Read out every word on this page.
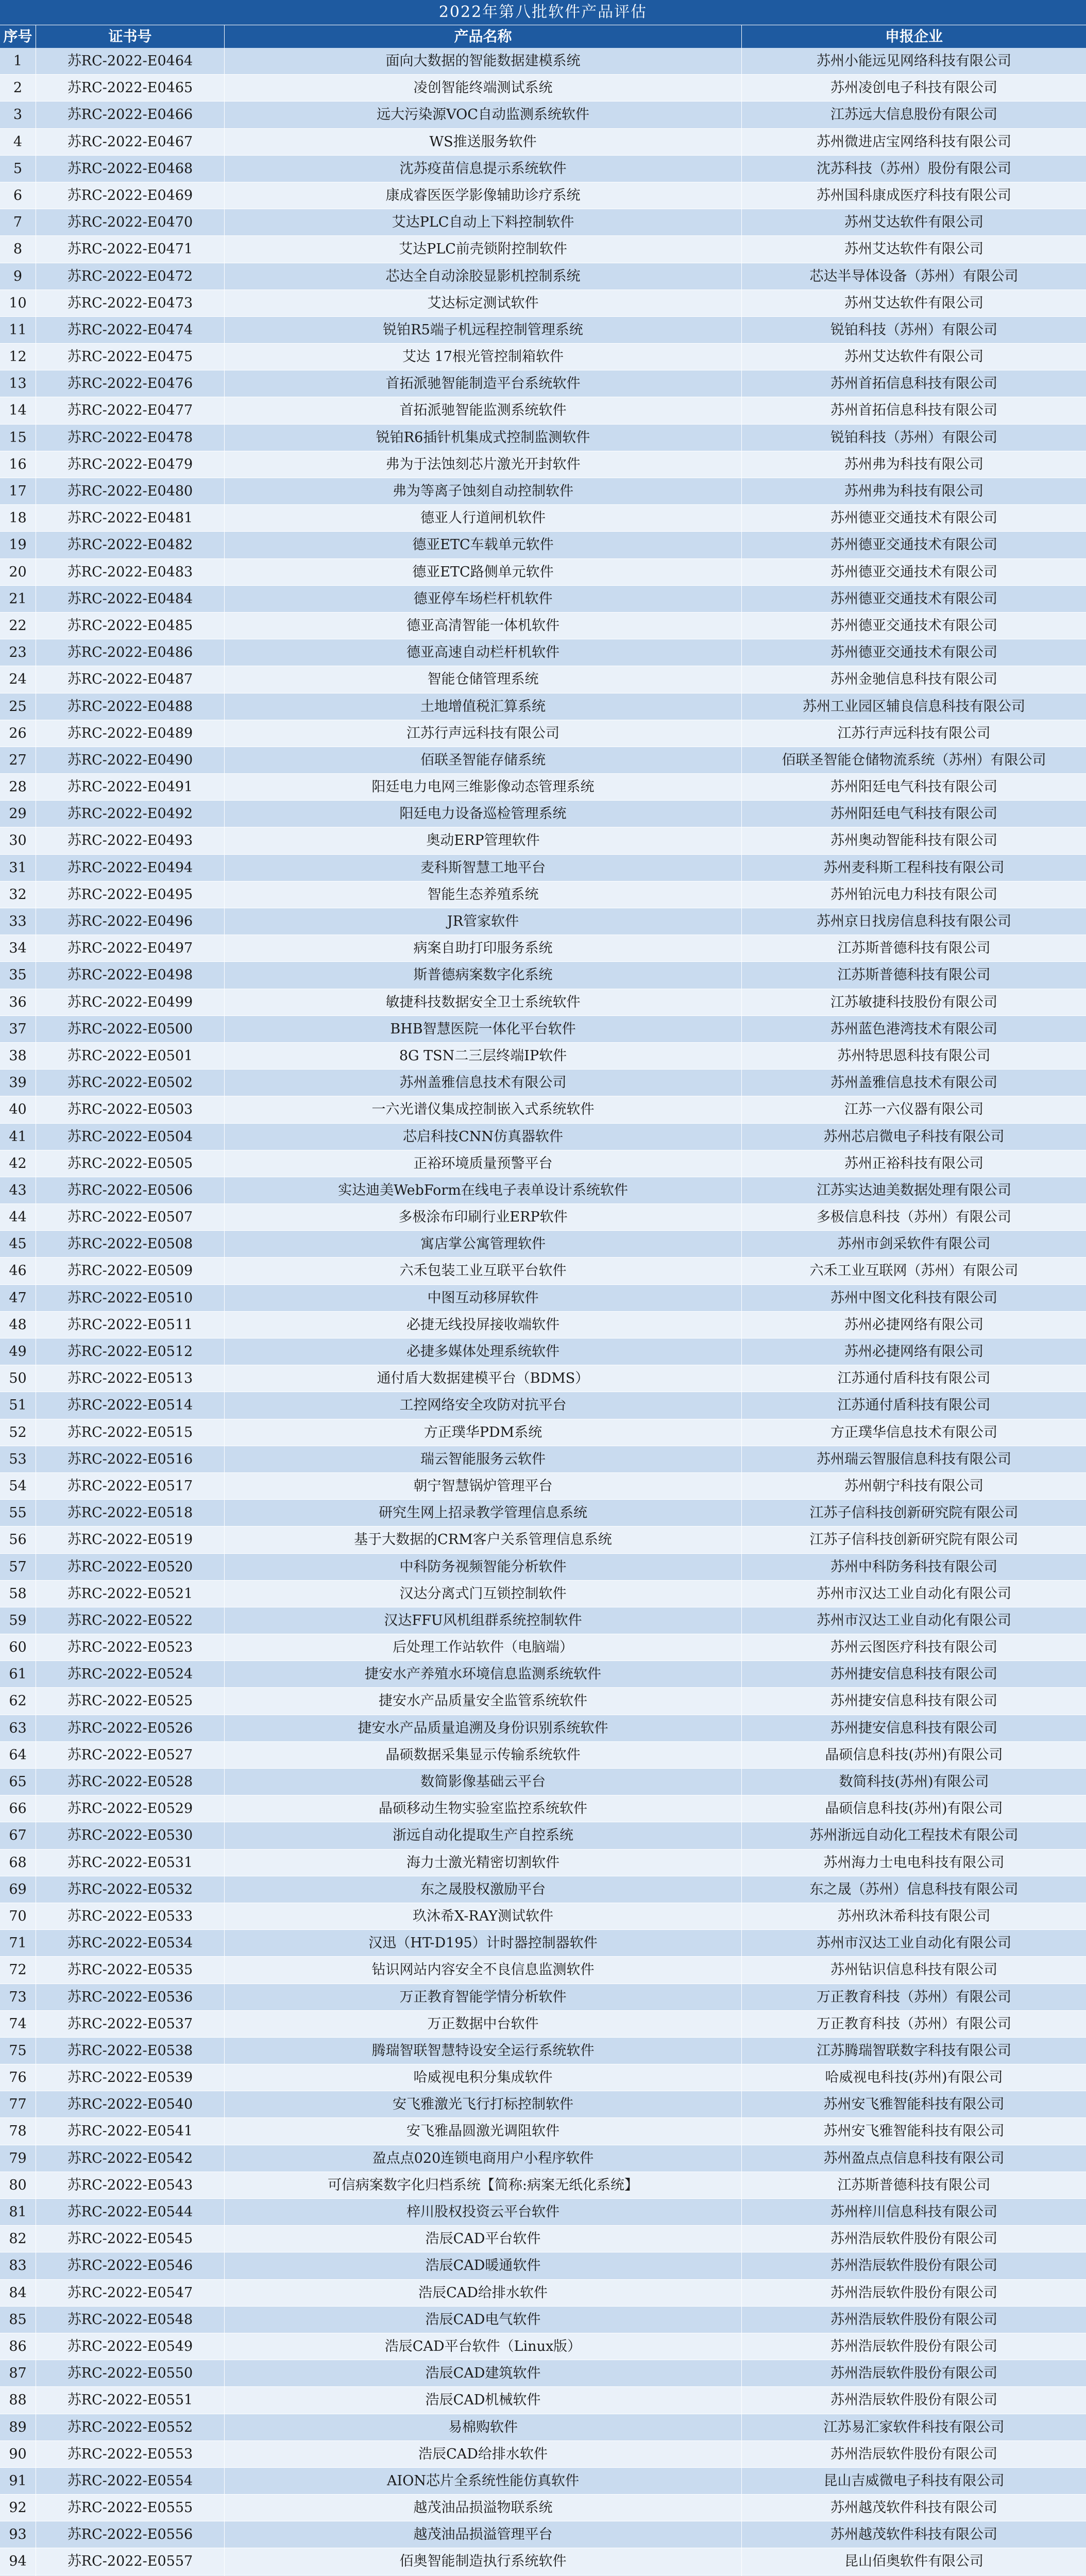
2022年第八批软件产品评估
序号	证书号	产品名称	申报企业
1	苏RC-2022-E0464	面向大数据的智能数据建模系统	苏州小能远见网络科技有限公司
2	苏RC-2022-E0465	凌创智能终端测试系统	苏州凌创电子科技有限公司
3	苏RC-2022-E0466	远大污染源VOC自动监测系统软件	江苏远大信息股份有限公司
4	苏RC-2022-E0467	WS推送服务软件	苏州微进店宝网络科技有限公司
5	苏RC-2022-E0468	沈苏疫苗信息提示系统软件	沈苏科技（苏州）股份有限公司
6	苏RC-2022-E0469	康成睿医医学影像辅助诊疗系统	苏州国科康成医疗科技有限公司
7	苏RC-2022-E0470	艾达PLC自动上下料控制软件	苏州艾达软件有限公司
8	苏RC-2022-E0471	艾达PLC前壳锁附控制软件	苏州艾达软件有限公司
9	苏RC-2022-E0472	芯达全自动涂胶显影机控制系统	芯达半导体设备（苏州）有限公司
10	苏RC-2022-E0473	艾达标定测试软件	苏州艾达软件有限公司
11	苏RC-2022-E0474	锐铂R5端子机远程控制管理系统	锐铂科技（苏州）有限公司
12	苏RC-2022-E0475	艾达 17根光管控制箱软件	苏州艾达软件有限公司
13	苏RC-2022-E0476	首拓派驰智能制造平台系统软件	苏州首拓信息科技有限公司
14	苏RC-2022-E0477	首拓派驰智能监测系统软件	苏州首拓信息科技有限公司
15	苏RC-2022-E0478	锐铂R6插针机集成式控制监测软件	锐铂科技（苏州）有限公司
16	苏RC-2022-E0479	弗为于法蚀刻芯片激光开封软件	苏州弗为科技有限公司
17	苏RC-2022-E0480	弗为等离子蚀刻自动控制软件	苏州弗为科技有限公司
18	苏RC-2022-E0481	德亚人行道闸机软件	苏州德亚交通技术有限公司
19	苏RC-2022-E0482	德亚ETC车载单元软件	苏州德亚交通技术有限公司
20	苏RC-2022-E0483	德亚ETC路侧单元软件	苏州德亚交通技术有限公司
21	苏RC-2022-E0484	德亚停车场栏杆机软件	苏州德亚交通技术有限公司
22	苏RC-2022-E0485	德亚高清智能一体机软件	苏州德亚交通技术有限公司
23	苏RC-2022-E0486	德亚高速自动栏杆机软件	苏州德亚交通技术有限公司
24	苏RC-2022-E0487	智能仓储管理系统	苏州金驰信息科技有限公司
25	苏RC-2022-E0488	土地增值税汇算系统	苏州工业园区辅良信息科技有限公司
26	苏RC-2022-E0489	江苏行声远科技有限公司	江苏行声远科技有限公司
27	苏RC-2022-E0490	佰联圣智能存储系统	佰联圣智能仓储物流系统（苏州）有限公司
28	苏RC-2022-E0491	阳廷电力电网三维影像动态管理系统	苏州阳廷电气科技有限公司
29	苏RC-2022-E0492	阳廷电力设备巡检管理系统	苏州阳廷电气科技有限公司
30	苏RC-2022-E0493	奥动ERP管理软件	苏州奥动智能科技有限公司
31	苏RC-2022-E0494	麦科斯智慧工地平台	苏州麦科斯工程科技有限公司
32	苏RC-2022-E0495	智能生态养殖系统	苏州铂沅电力科技有限公司
33	苏RC-2022-E0496	JR管家软件	苏州京日找房信息科技有限公司
34	苏RC-2022-E0497	病案自助打印服务系统	江苏斯普德科技有限公司
35	苏RC-2022-E0498	斯普德病案数字化系统	江苏斯普德科技有限公司
36	苏RC-2022-E0499	敏捷科技数据安全卫士系统软件	江苏敏捷科技股份有限公司
37	苏RC-2022-E0500	BHB智慧医院一体化平台软件	苏州蓝色港湾技术有限公司
38	苏RC-2022-E0501	8G TSN二三层终端IP软件	苏州特思恩科技有限公司
39	苏RC-2022-E0502	苏州盖雅信息技术有限公司	苏州盖雅信息技术有限公司
40	苏RC-2022-E0503	一六光谱仪集成控制嵌入式系统软件	江苏一六仪器有限公司
41	苏RC-2022-E0504	芯启科技CNN仿真器软件	苏州芯启微电子科技有限公司
42	苏RC-2022-E0505	正裕环境质量预警平台	苏州正裕科技有限公司
43	苏RC-2022-E0506	实达迪美WebForm在线电子表单设计系统软件	江苏实达迪美数据处理有限公司
44	苏RC-2022-E0507	多极涂布印刷行业ERP软件	多极信息科技（苏州）有限公司
45	苏RC-2022-E0508	寓店掌公寓管理软件	苏州市剑采软件有限公司
46	苏RC-2022-E0509	六禾包装工业互联平台软件	六禾工业互联网（苏州）有限公司
47	苏RC-2022-E0510	中图互动移屏软件	苏州中图文化科技有限公司
48	苏RC-2022-E0511	必捷无线投屏接收端软件	苏州必捷网络有限公司
49	苏RC-2022-E0512	必捷多媒体处理系统软件	苏州必捷网络有限公司
50	苏RC-2022-E0513	通付盾大数据建模平台（BDMS）	江苏通付盾科技有限公司
51	苏RC-2022-E0514	工控网络安全攻防对抗平台	江苏通付盾科技有限公司
52	苏RC-2022-E0515	方正璞华PDM系统	方正璞华信息技术有限公司
53	苏RC-2022-E0516	瑞云智能服务云软件	苏州瑞云智服信息科技有限公司
54	苏RC-2022-E0517	朝宁智慧锅炉管理平台	苏州朝宁科技有限公司
55	苏RC-2022-E0518	研究生网上招录教学管理信息系统	江苏子信科技创新研究院有限公司
56	苏RC-2022-E0519	基于大数据的CRM客户关系管理信息系统	江苏子信科技创新研究院有限公司
57	苏RC-2022-E0520	中科防务视频智能分析软件	苏州中科防务科技有限公司
58	苏RC-2022-E0521	汉达分离式门互锁控制软件	苏州市汉达工业自动化有限公司
59	苏RC-2022-E0522	汉达FFU风机组群系统控制软件	苏州市汉达工业自动化有限公司
60	苏RC-2022-E0523	后处理工作站软件（电脑端）	苏州云图医疗科技有限公司
61	苏RC-2022-E0524	捷安水产养殖水环境信息监测系统软件	苏州捷安信息科技有限公司
62	苏RC-2022-E0525	捷安水产品质量安全监管系统软件	苏州捷安信息科技有限公司
63	苏RC-2022-E0526	捷安水产品质量追溯及身份识别系统软件	苏州捷安信息科技有限公司
64	苏RC-2022-E0527	晶硕数据采集显示传输系统软件	晶硕信息科技(苏州)有限公司
65	苏RC-2022-E0528	数简影像基础云平台	数简科技(苏州)有限公司
66	苏RC-2022-E0529	晶硕移动生物实验室监控系统软件	晶硕信息科技(苏州)有限公司
67	苏RC-2022-E0530	浙远自动化提取生产自控系统	苏州浙远自动化工程技术有限公司
68	苏RC-2022-E0531	海力士激光精密切割软件	苏州海力士电电科技有限公司
69	苏RC-2022-E0532	东之晟股权激励平台	东之晟（苏州）信息科技有限公司
70	苏RC-2022-E0533	玖沐希X-RAY测试软件	苏州玖沐希科技有限公司
71	苏RC-2022-E0534	汉迅（HT-D195）计时器控制器软件	苏州市汉达工业自动化有限公司
72	苏RC-2022-E0535	钻识网站内容安全不良信息监测软件	苏州钻识信息科技有限公司
73	苏RC-2022-E0536	万正教育智能学情分析软件	万正教育科技（苏州）有限公司
74	苏RC-2022-E0537	万正数据中台软件	万正教育科技（苏州）有限公司
75	苏RC-2022-E0538	腾瑞智联智慧特设安全运行系统软件	江苏腾瑞智联数字科技有限公司
76	苏RC-2022-E0539	哈威视电积分集成软件	哈威视电科技(苏州)有限公司
77	苏RC-2022-E0540	安飞雅激光飞行打标控制软件	苏州安飞雅智能科技有限公司
78	苏RC-2022-E0541	安飞雅晶圆激光调阻软件	苏州安飞雅智能科技有限公司
79	苏RC-2022-E0542	盈点点020连锁电商用户小程序软件	苏州盈点点信息科技有限公司
80	苏RC-2022-E0543	可信病案数字化归档系统【简称:病案无纸化系统】	江苏斯普德科技有限公司
81	苏RC-2022-E0544	梓川股权投资云平台软件	苏州梓川信息科技有限公司
82	苏RC-2022-E0545	浩辰CAD平台软件	苏州浩辰软件股份有限公司
83	苏RC-2022-E0546	浩辰CAD暖通软件	苏州浩辰软件股份有限公司
84	苏RC-2022-E0547	浩辰CAD给排水软件	苏州浩辰软件股份有限公司
85	苏RC-2022-E0548	浩辰CAD电气软件	苏州浩辰软件股份有限公司
86	苏RC-2022-E0549	浩辰CAD平台软件（Linux版）	苏州浩辰软件股份有限公司
87	苏RC-2022-E0550	浩辰CAD建筑软件	苏州浩辰软件股份有限公司
88	苏RC-2022-E0551	浩辰CAD机械软件	苏州浩辰软件股份有限公司
89	苏RC-2022-E0552	易棉购软件	江苏易汇家软件科技有限公司
90	苏RC-2022-E0553	浩辰CAD给排水软件	苏州浩辰软件股份有限公司
91	苏RC-2022-E0554	AION芯片全系统性能仿真软件	昆山吉威微电子科技有限公司
92	苏RC-2022-E0555	越茂油品损溢物联系统	苏州越茂软件科技有限公司
93	苏RC-2022-E0556	越茂油品损溢管理平台	苏州越茂软件科技有限公司
94	苏RC-2022-E0557	佰奥智能制造执行系统软件	昆山佰奥软件有限公司
